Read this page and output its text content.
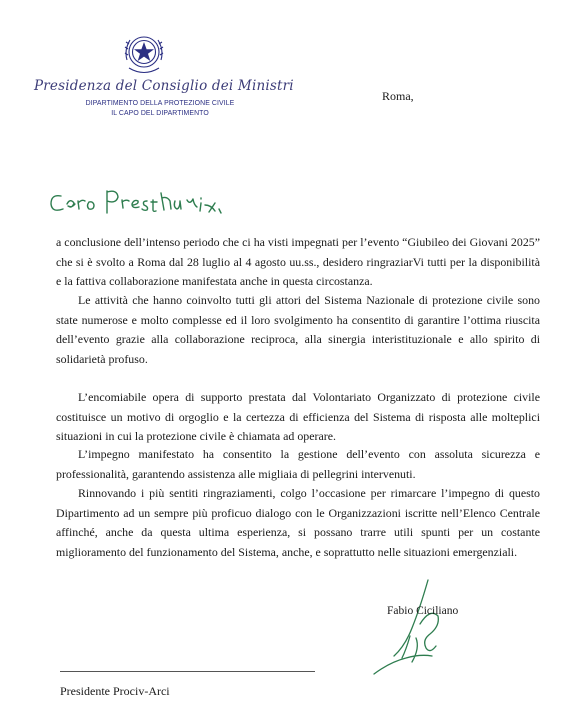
Presidenza del Consiglio dei Ministri
DIPARTIMENTO DELLA PROTEZIONE CIVILE
IL CAPO DEL DIPARTIMENTO
Roma,

a conclusione dell’intenso periodo che ci ha visti impegnati per l’evento “Giubileo dei Giovani 2025” che si è svolto a Roma dal 28 luglio al 4 agosto uu.ss., desidero ringraziarVi tutti per la disponibilità e la fattiva collaborazione manifestata anche in questa circostanza.

Le attività che hanno coinvolto tutti gli attori del Sistema Nazionale di protezione civile sono state numerose e molto complesse ed il loro svolgimento ha consentito di garantire l’ottima riuscita dell’evento grazie alla collaborazione reciproca, alla sinergia interistituzionale e allo spirito di solidarietà profuso.

L’encomiabile opera di supporto prestata dal Volontariato Organizzato di protezione civile costituisce un motivo di orgoglio e la certezza di efficienza del Sistema di risposta alle molteplici situazioni in cui la protezione civile è chiamata ad operare.

L’impegno manifestato ha consentito la gestione dell’evento con assoluta sicurezza e professionalità, garantendo assistenza alle migliaia di pellegrini intervenuti.

Rinnovando i più sentiti ringraziamenti, colgo l’occasione per rimarcare l’impegno di questo Dipartimento ad un sempre più proficuo dialogo con le Organizzazioni iscritte nell’Elenco Centrale affinché, anche da questa ultima esperienza, si possano trarre utili spunti per un costante miglioramento del funzionamento del Sistema, anche, e soprattutto nelle situazioni emergenziali.

Fabio Ciciliano
Presidente Prociv-Arci
